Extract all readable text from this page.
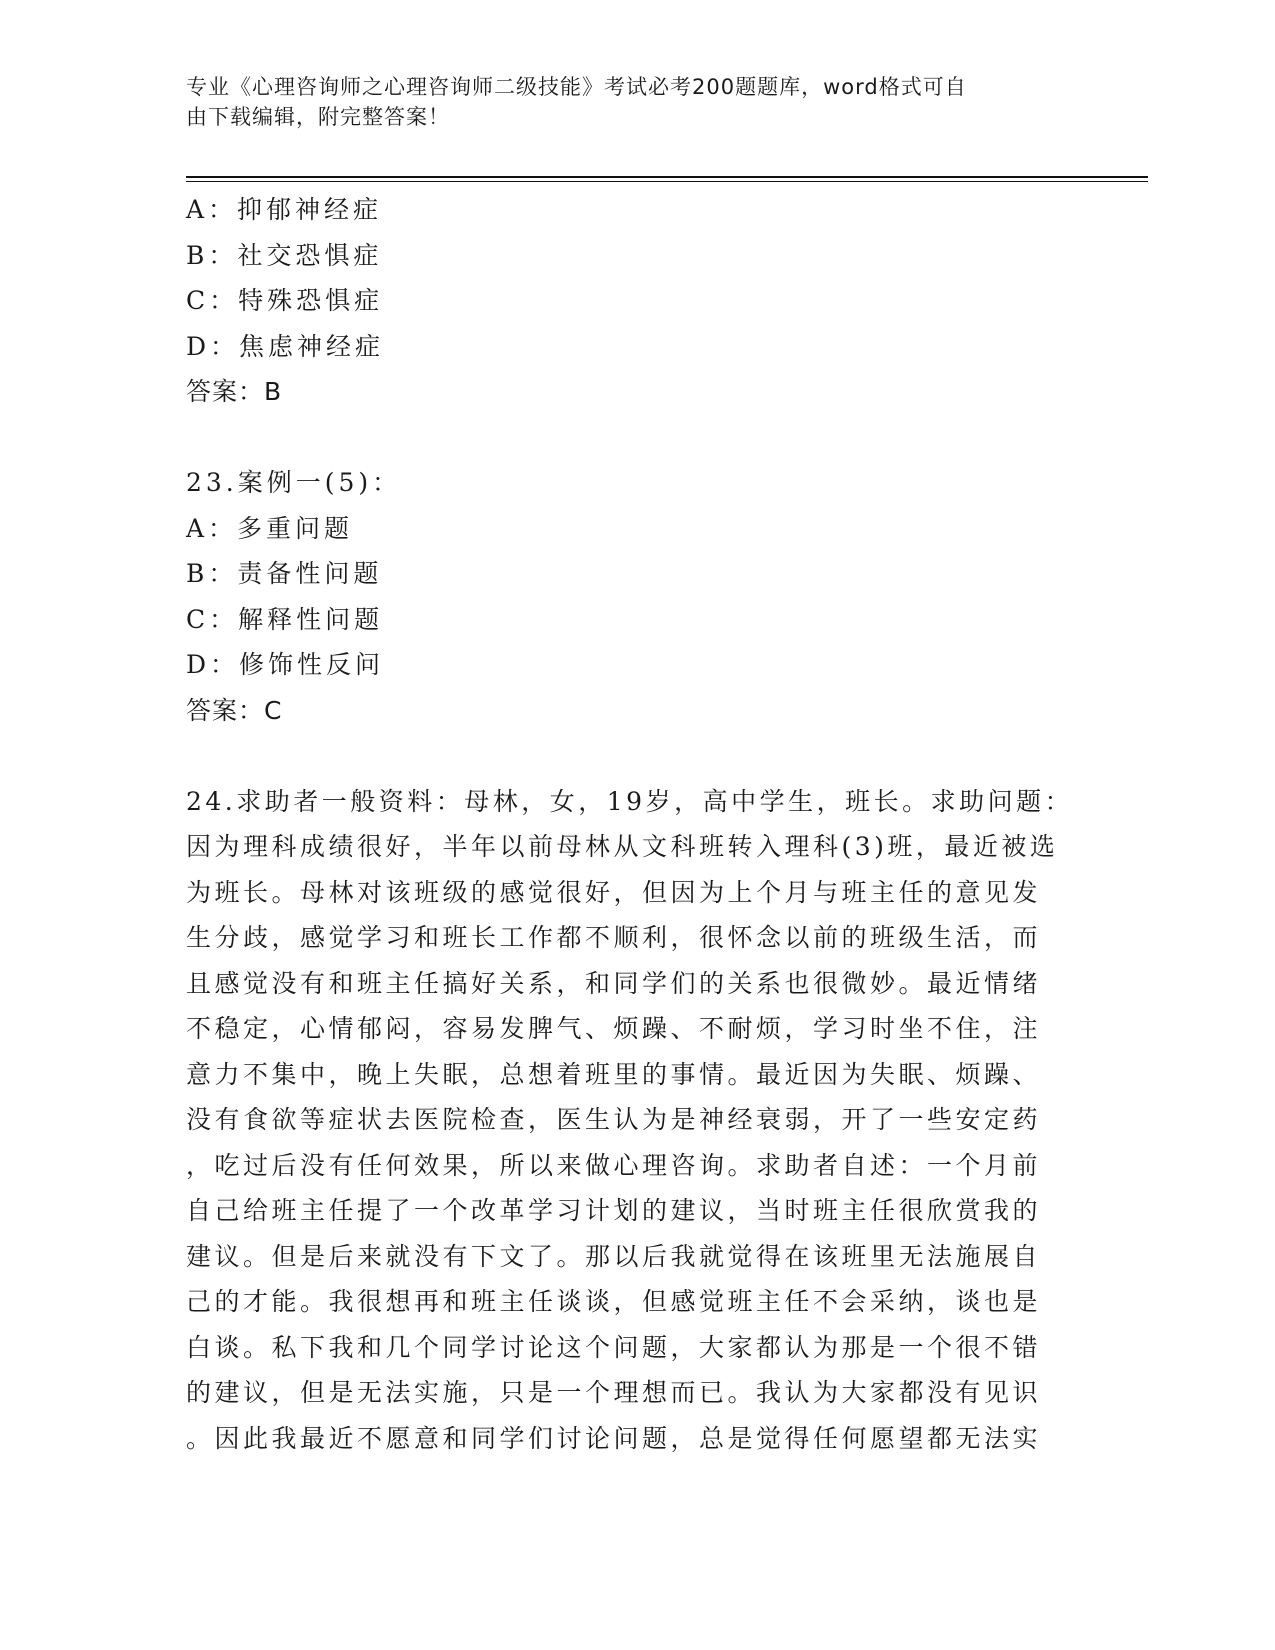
专业《心理咨询师之心理咨询师二级技能》考试必考200题题库，word格式可自
由下载编辑，附完整答案！
A：抑郁神经症
B：社交恐惧症
C：特殊恐惧症
D：焦虑神经症
答案：B
23.案例一(5)：
A：多重问题
B：责备性问题
C：解释性问题
D：修饰性反问
答案：C
24.求助者一般资料：母林，女，19岁，高中学生，班长。求助问题：
因为理科成绩很好，半年以前母林从文科班转入理科(3)班，最近被选
为班长。母林对该班级的感觉很好，但因为上个月与班主任的意见发
生分歧，感觉学习和班长工作都不顺利，很怀念以前的班级生活，而
且感觉没有和班主任搞好关系，和同学们的关系也很微妙。最近情绪
不稳定，心情郁闷，容易发脾气、烦躁、不耐烦，学习时坐不住，注
意力不集中，晚上失眠，总想着班里的事情。最近因为失眠、烦躁、
没有食欲等症状去医院检查，医生认为是神经衰弱，开了一些安定药
，吃过后没有任何效果，所以来做心理咨询。求助者自述：一个月前
自己给班主任提了一个改革学习计划的建议，当时班主任很欣赏我的
建议。但是后来就没有下文了。那以后我就觉得在该班里无法施展自
己的才能。我很想再和班主任谈谈，但感觉班主任不会采纳，谈也是
白谈。私下我和几个同学讨论这个问题，大家都认为那是一个很不错
的建议，但是无法实施，只是一个理想而已。我认为大家都没有见识
。因此我最近不愿意和同学们讨论问题，总是觉得任何愿望都无法实
